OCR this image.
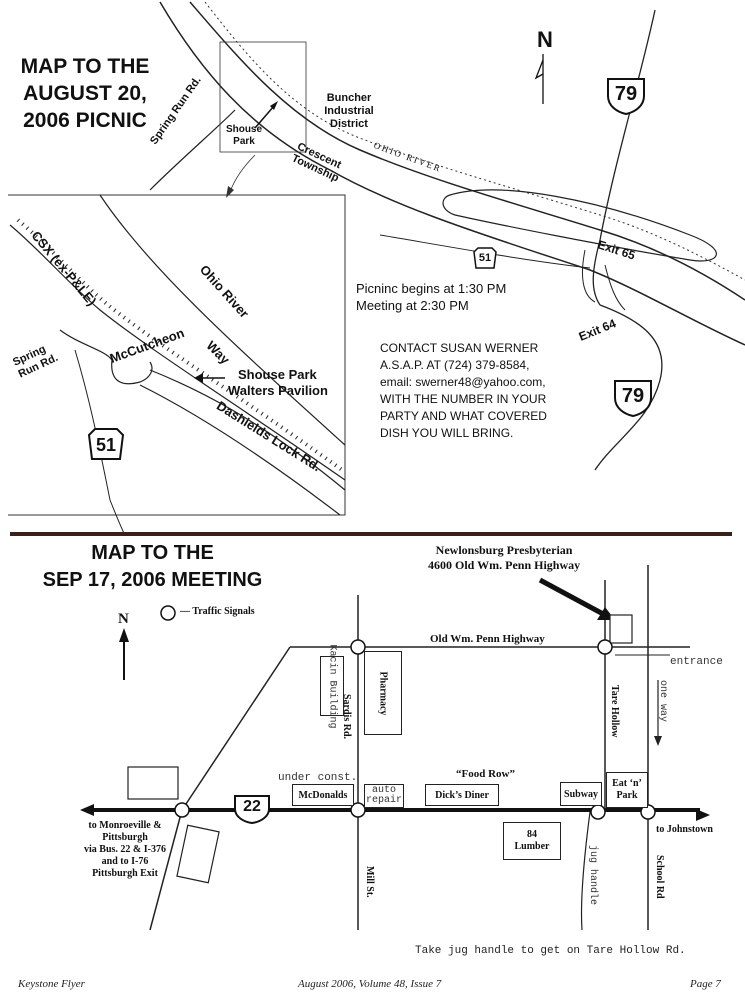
MAP TO THE
AUGUST 20,
2006 PICNIC
N
Spring Run Rd.	Shouse Park
Buncher Industrial District
Crescent Township	OHIO RIVER
79
79
51
51
Exit 65
Exit 64
Picninc begins at 1:30 PM
Meeting at 2:30 PM
CONTACT SUSAN WERNER
A.S.A.P. AT (724) 379-8584,
email: swerner48@yahoo.com,
WITH THE NUMBER IN YOUR
PARTY AND WHAT COVERED
DISH YOU WILL BRING.
CSX (ex-P&LE)	Ohio River
Spring Run Rd.
McCutcheon Way
Shouse Park
Walters Pavilion
Dashields Lock Rd.
MAP TO THE
SEP 17, 2006 MEETING
N	— Traffic Signals
Newlonsburg Presbyterian
4600 Old Wm. Penn Highway
Old Wm. Penn Highway
entrance
one way
Tare Hollow
Kacin Building	Pharmacy
Sardis Rd.
under const.	“Food Row”
McDonalds	auto repair	Dick’s Diner	Subway
Eat ‘n’
Park
22
to Monroeville &
Pittsburgh
via Bus. 22 & I-376
and to I-76
Pittsburgh Exit
to Johnstown
84
Lumber
Mill St.	jug handle	School Rd
Take jug handle to get on Tare Hollow Rd.
Keystone Flyer	August 2006, Volume 48, Issue 7	Page 7
